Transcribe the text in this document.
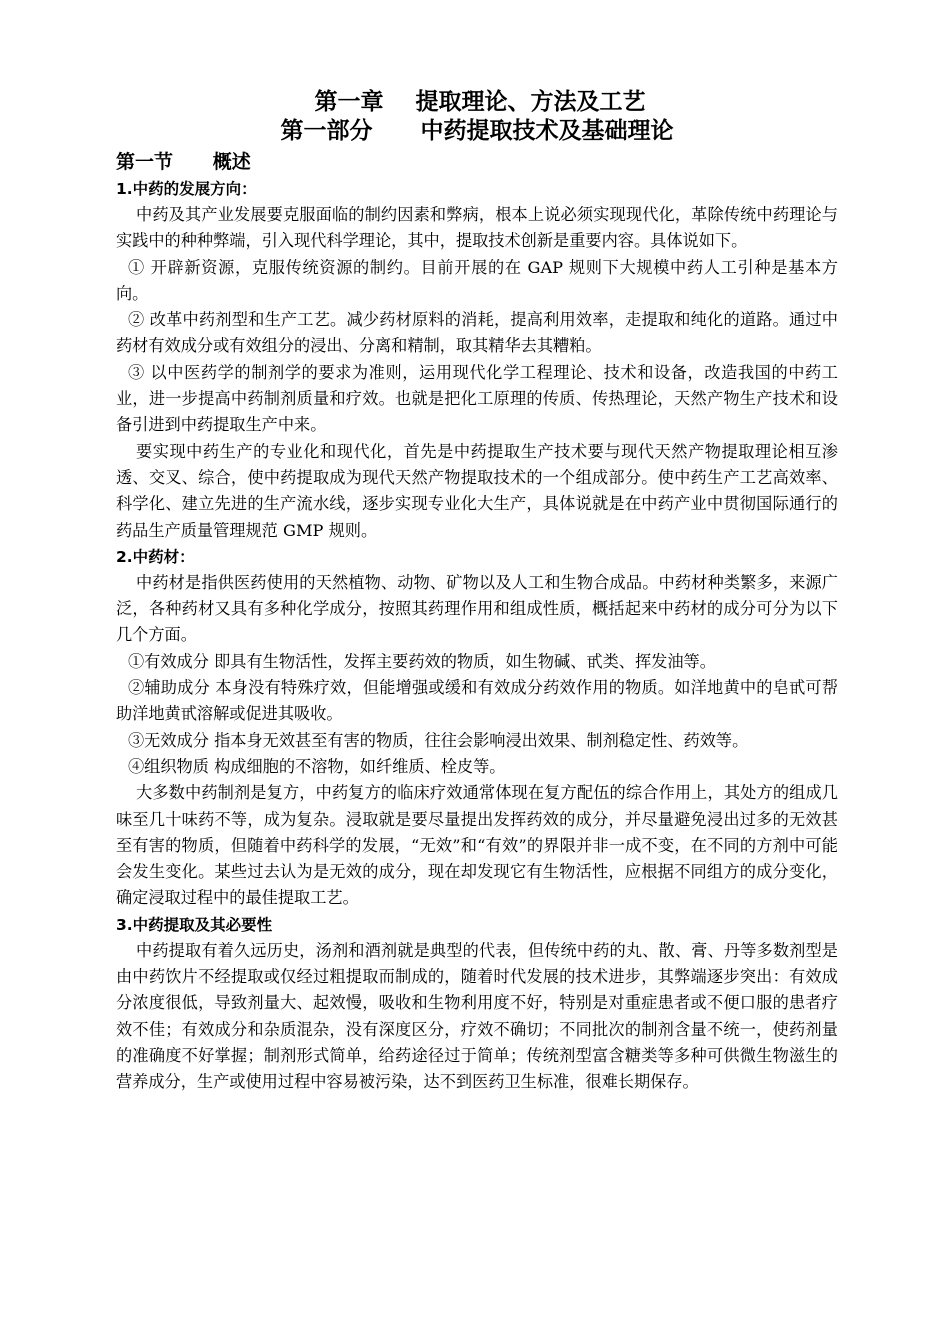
第一章    提取理论、方法及工艺
第一部分      中药提取技术及基础理论
第一节      概述

1.中药的发展方向：

中药及其产业发展要克服面临的制约因素和弊病，根本上说必须实现现代化，革除传统中药理论与实践中的种种弊端，引入现代科学理论，其中，提取技术创新是重要内容。具体说如下。

① 开辟新资源，克服传统资源的制约。目前开展的在 GAP 规则下大规模中药人工引种是基本方向。

② 改革中药剂型和生产工艺。减少药材原料的消耗，提高利用效率，走提取和纯化的道路。通过中药材有效成分或有效组分的浸出、分离和精制，取其精华去其糟粕。

③ 以中医药学的制剂学的要求为准则，运用现代化学工程理论、技术和设备，改造我国的中药工业，进一步提高中药制剂质量和疗效。也就是把化工原理的传质、传热理论，天然产物生产技术和设备引进到中药提取生产中来。

要实现中药生产的专业化和现代化，首先是中药提取生产技术要与现代天然产物提取理论相互渗透、交叉、综合，使中药提取成为现代天然产物提取技术的一个组成部分。使中药生产工艺高效率、科学化、建立先进的生产流水线，逐步实现专业化大生产，具体说就是在中药产业中贯彻国际通行的药品生产质量管理规范 GMP 规则。

2.中药材：

中药材是指供医药使用的天然植物、动物、矿物以及人工和生物合成品。中药材种类繁多，来源广泛，各种药材又具有多种化学成分，按照其药理作用和组成性质，概括起来中药材的成分可分为以下几个方面。

①有效成分 即具有生物活性，发挥主要药效的物质，如生物碱、甙类、挥发油等。

②辅助成分 本身没有特殊疗效，但能增强或缓和有效成分药效作用的物质。如洋地黄中的皂甙可帮助洋地黄甙溶解或促进其吸收。

③无效成分 指本身无效甚至有害的物质，往往会影响浸出效果、制剂稳定性、药效等。

④组织物质 构成细胞的不溶物，如纤维质、栓皮等。

大多数中药制剂是复方，中药复方的临床疗效通常体现在复方配伍的综合作用上，其处方的组成几味至几十味药不等，成为复杂。浸取就是要尽量提出发挥药效的成分，并尽量避免浸出过多的无效甚至有害的物质，但随着中药科学的发展，“无效”和“有效”的界限并非一成不变，在不同的方剂中可能会发生变化。某些过去认为是无效的成分，现在却发现它有生物活性，应根据不同组方的成分变化，确定浸取过程中的最佳提取工艺。

3.中药提取及其必要性

中药提取有着久远历史，汤剂和酒剂就是典型的代表，但传统中药的丸、散、膏、丹等多数剂型是由中药饮片不经提取或仅经过粗提取而制成的，随着时代发展的技术进步，其弊端逐步突出：有效成分浓度很低，导致剂量大、起效慢，吸收和生物利用度不好，特别是对重症患者或不便口服的患者疗效不佳；有效成分和杂质混杂，没有深度区分，疗效不确切；不同批次的制剂含量不统一，使药剂量的准确度不好掌握；制剂形式简单，给药途径过于简单；传统剂型富含糖类等多种可供微生物滋生的营养成分，生产或使用过程中容易被污染，达不到医药卫生标准，很难长期保存。
